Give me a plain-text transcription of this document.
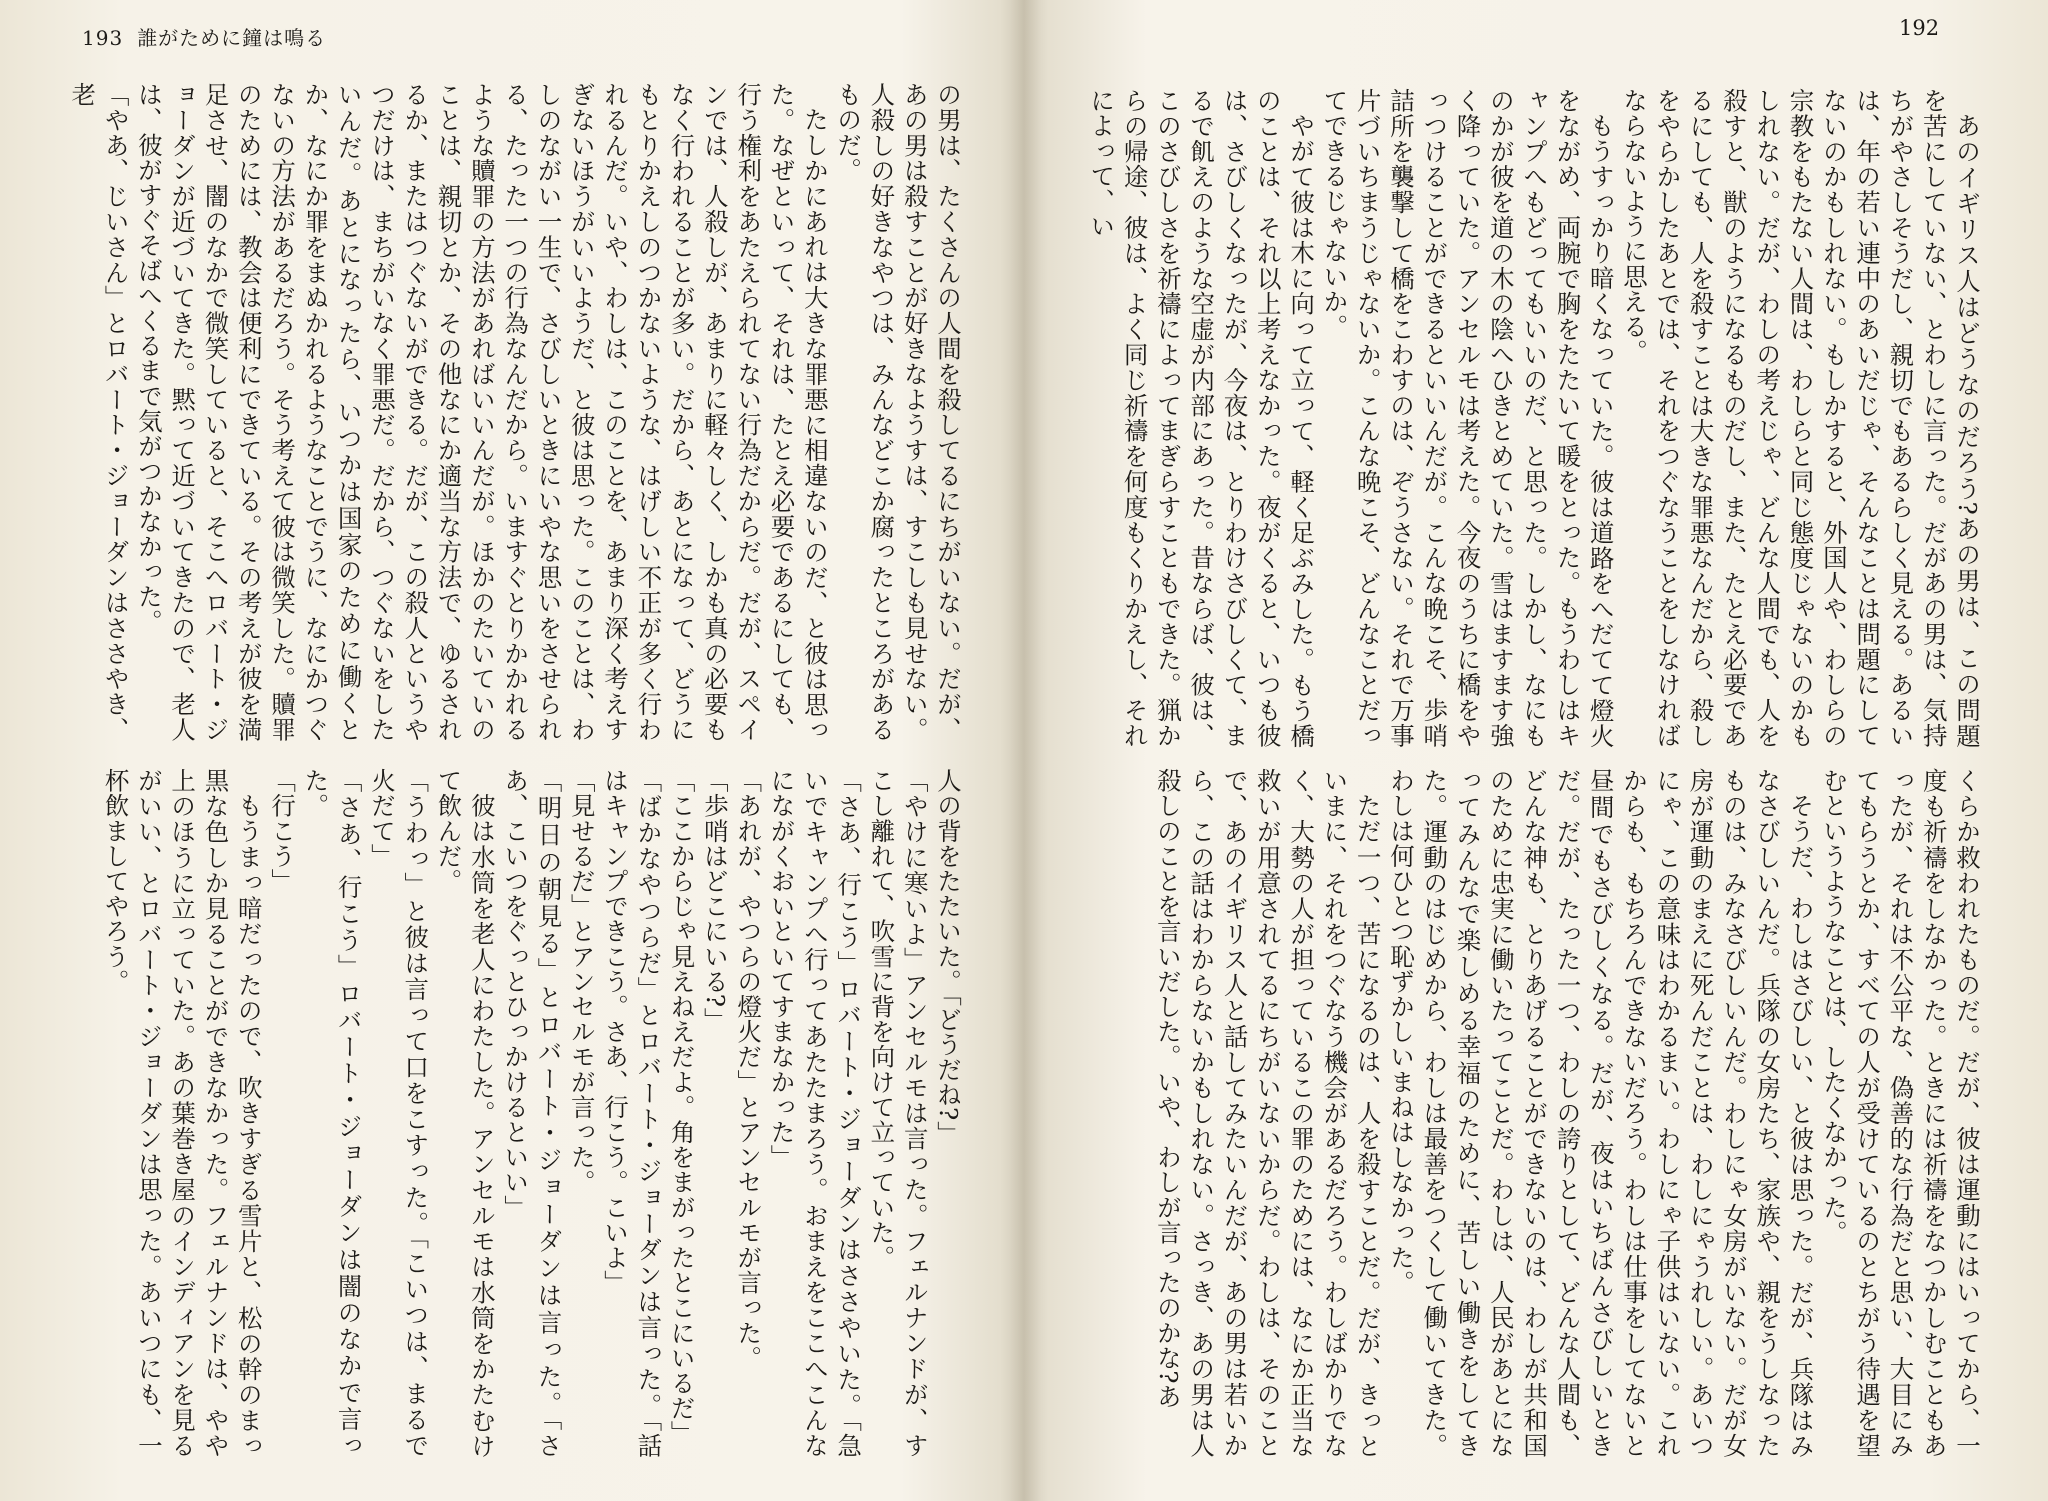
193 誰がために鐘は鳴る

の男は、たくさんの人間を殺してるにちがいない。だが、あの男は殺すことが好きなようすは、すこしも見せない。人殺しの好きなやつは、みんなどこか腐ったところがあるものだ。

たしかにあれは大きな罪悪に相違ないのだ、と彼は思った。なぜといって、それは、たとえ必要であるにしても、行う権利をあたえられてない行為だからだ。だが、スペインでは、人殺しが、あまりに軽々しく、しかも真の必要もなく行われることが多い。だから、あとになって、どうにもとりかえしのつかないような、はげしい不正が多く行われるんだ。いや、わしは、このことを、あまり深く考えすぎないほうがいいようだ、と彼は思った。このことは、わしのながい一生で、さびしいときにいやな思いをさせられる、たった一つの行為なんだから。いますぐとりかかれるような贖罪の方法があればいいんだが。ほかのたいていのことは、親切とか、その他なにか適当な方法で、ゆるされるか、またはつぐないができる。だが、この殺人というやつだけは、まちがいなく罪悪だ。だから、つぐないをしたいんだ。あとになったら、いつかは国家のために働くとか、なにか罪をまぬかれるようなことでうに、なにかつぐないの方法があるだろう。そう考えて彼は微笑した。贖罪のためには、教会は便利にできている。その考えが彼を満足させ、闇のなかで微笑していると、そこへロバート・ジョーダンが近づいてきた。黙って近づいてきたので、老人は、彼がすぐそばへくるまで気がつかなかった。

「やあ、じいさん」とロバート・ジョーダンはささやき、老

人の背をたたいた。「どうだね?」

「やけに寒いよ」アンセルモは言った。フェルナンドが、すこし離れて、吹雪に背を向けて立っていた。

「さあ、行こう」ロバート・ジョーダンはささやいた。「急いでキャンプへ行ってあたたまろう。おまえをここへこんなにながくおいといてすまなかった」

「あれが、やつらの燈火だ」とアンセルモが言った。

「歩哨はどこにいる?」

「ここからじゃ見えねえだよ。角をまがったとこにいるだ」

「ばかなやつらだ」とロバート・ジョーダンは言った。「話はキャンプできこう。さあ、行こう。こいよ」

「見せるだ」とアンセルモが言った。

「明日の朝見る」とロバート・ジョーダンは言った。「さあ、こいつをぐっとひっかけるといい」

彼は水筒を老人にわたした。アンセルモは水筒をかたむけて飲んだ。

「うわっ」と彼は言って口をこすった。「こいつは、まるで火だて」

「さあ、行こう」ロバート・ジョーダンは闇のなかで言った。

「行こう」

もうまっ暗だったので、吹きすぎる雪片と、松の幹のまっ黒な色しか見ることができなかった。フェルナンドは、やや上のほうに立っていた。あの葉巻き屋のインディアンを見るがいい、とロバート・ジョーダンは思った。あいつにも、一杯飲ましてやろう。

192

あのイギリス人はどうなのだろう?あの男は、この問題を苦にしていない、とわしに言った。だがあの男は、気持ちがやさしそうだし、親切でもあるらしく見える。あるいは、年の若い連中のあいだじゃ、そんなことは問題にしてないのかもしれない。もしかすると、外国人や、わしらの宗教をもたない人間は、わしらと同じ態度じゃないのかもしれない。だが、わしの考えじゃ、どんな人間でも、人を殺すと、獣のようになるものだし、また、たとえ必要であるにしても、人を殺すことは大きな罪悪なんだから、殺しをやらかしたあとでは、それをつぐなうことをしなければならないように思える。

もうすっかり暗くなっていた。彼は道路をへだてて燈火をながめ、両腕で胸をたたいて暖をとった。もうわしはキャンプへもどってもいいのだ、と思った。しかし、なにものかが彼を道の木の陰へひきとめていた。雪はますます強く降っていた。アンセルモは考えた。今夜のうちに橋をやっつけることができるといいんだが。こんな晩こそ、歩哨詰所を襲撃して橋をこわすのは、ぞうさない。それで万事片づいちまうじゃないか。こんな晩こそ、どんなことだってできるじゃないか。

やがて彼は木に向って立って、軽く足ぶみした。もう橋のことは、それ以上考えなかった。夜がくると、いつも彼は、さびしくなったが、今夜は、とりわけさびしくて、まるで飢えのような空虚が内部にあった。昔ならば、彼は、このさびしさを祈禱によってまぎらすこともできた。猟からの帰途、彼は、よく同じ祈禱を何度もくりかえし、それによって、い

くらか救われたものだ。だが、彼は運動にはいってから、一度も祈禱をしなかった。ときには祈禱をなつかしむこともあったが、それは不公平な、偽善的な行為だと思い、大目にみてもらうとか、すべての人が受けているのとちがう待遇を望むというようなことは、したくなかった。

そうだ、わしはさびしい、と彼は思った。だが、兵隊はみなさびしいんだ。兵隊の女房たち、家族や、親をうしなったものは、みなさびしいんだ。わしにゃ女房がいない。だが女房が運動のまえに死んだことは、わしにゃうれしい。あいつにゃ、この意味はわかるまい。わしにゃ子供はいない。これからも、もちろんできないだろう。わしは仕事をしてないと昼間でもさびしくなる。だが、夜はいちばんさびしいときだ。だが、たった一つ、わしの誇りとして、どんな人間も、どんな神も、とりあげることができないのは、わしが共和国のために忠実に働いたってことだ。わしは、人民があとになってみんなで楽しめる幸福のために、苦しい働きをしてきた。運動のはじめから、わしは最善をつくして働いてきた。わしは何ひとつ恥ずかしいまねはしなかった。

ただ一つ、苦になるのは、人を殺すことだ。だが、きっといまに、それをつぐなう機会があるだろう。わしばかりでなく、大勢の人が担っているこの罪のためには、なにか正当な救いが用意されてるにちがいないからだ。わしは、そのことで、あのイギリス人と話してみたいんだが、あの男は若いから、この話はわからないかもしれない。さっき、あの男は人殺しのことを言いだした。いや、わしが言ったのかな?あ
